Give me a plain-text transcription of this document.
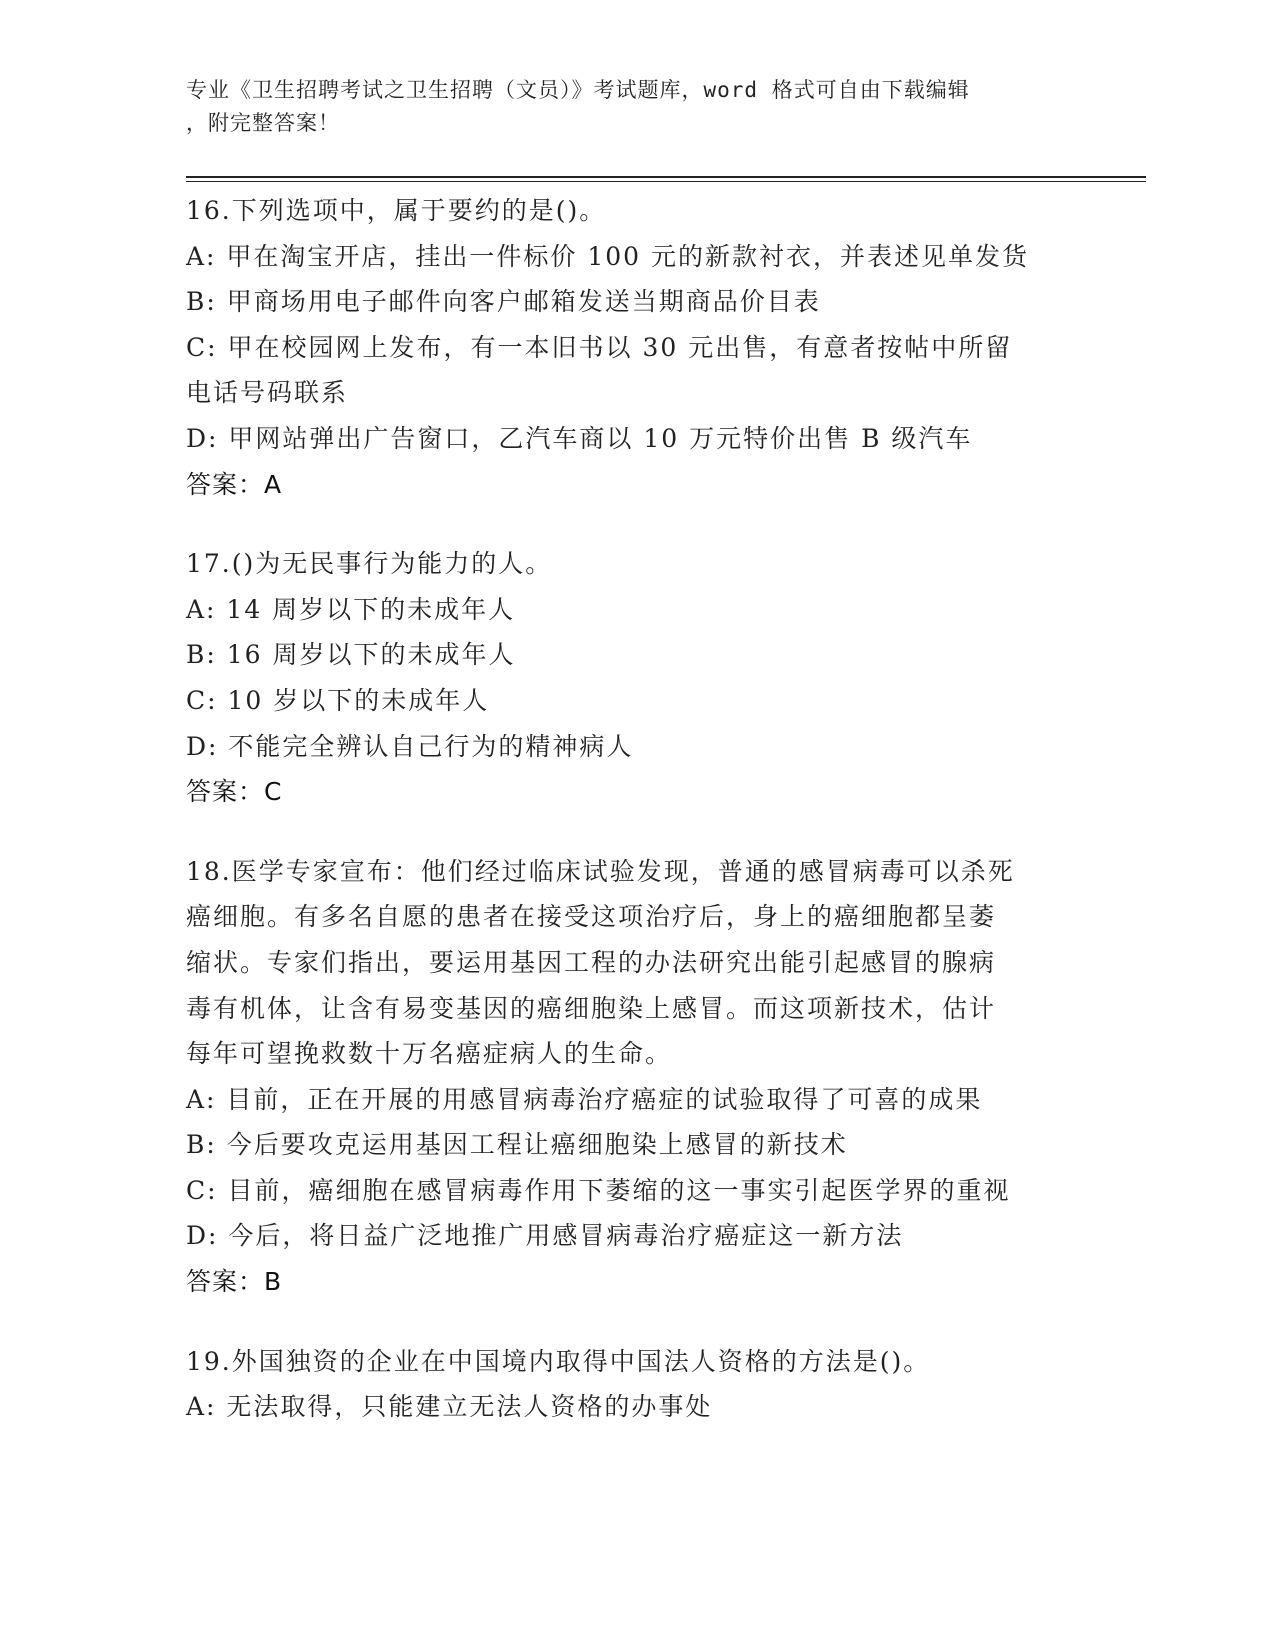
专业《卫生招聘考试之卫生招聘（文员）》考试题库，word 格式可自由下载编辑
，附完整答案！
16.下列选项中，属于要约的是()。
A: 甲在淘宝开店，挂出一件标价 100 元的新款衬衣，并表述见单发货
B: 甲商场用电子邮件向客户邮箱发送当期商品价目表
C: 甲在校园网上发布，有一本旧书以 30 元出售，有意者按帖中所留
电话号码联系
D: 甲网站弹出广告窗口，乙汽车商以 10 万元特价出售 B 级汽车
答案：A
17.()为无民事行为能力的人。
A: 14 周岁以下的未成年人
B: 16 周岁以下的未成年人
C: 10 岁以下的未成年人
D: 不能完全辨认自己行为的精神病人
答案：C
18.医学专家宣布：他们经过临床试验发现，普通的感冒病毒可以杀死
癌细胞。有多名自愿的患者在接受这项治疗后，身上的癌细胞都呈萎
缩状。专家们指出，要运用基因工程的办法研究出能引起感冒的腺病
毒有机体，让含有易变基因的癌细胞染上感冒。而这项新技术，估计
每年可望挽救数十万名癌症病人的生命。
A: 目前，正在开展的用感冒病毒治疗癌症的试验取得了可喜的成果
B: 今后要攻克运用基因工程让癌细胞染上感冒的新技术
C: 目前，癌细胞在感冒病毒作用下萎缩的这一事实引起医学界的重视
D: 今后，将日益广泛地推广用感冒病毒治疗癌症这一新方法
答案：B
19.外国独资的企业在中国境内取得中国法人资格的方法是()。
A: 无法取得，只能建立无法人资格的办事处
